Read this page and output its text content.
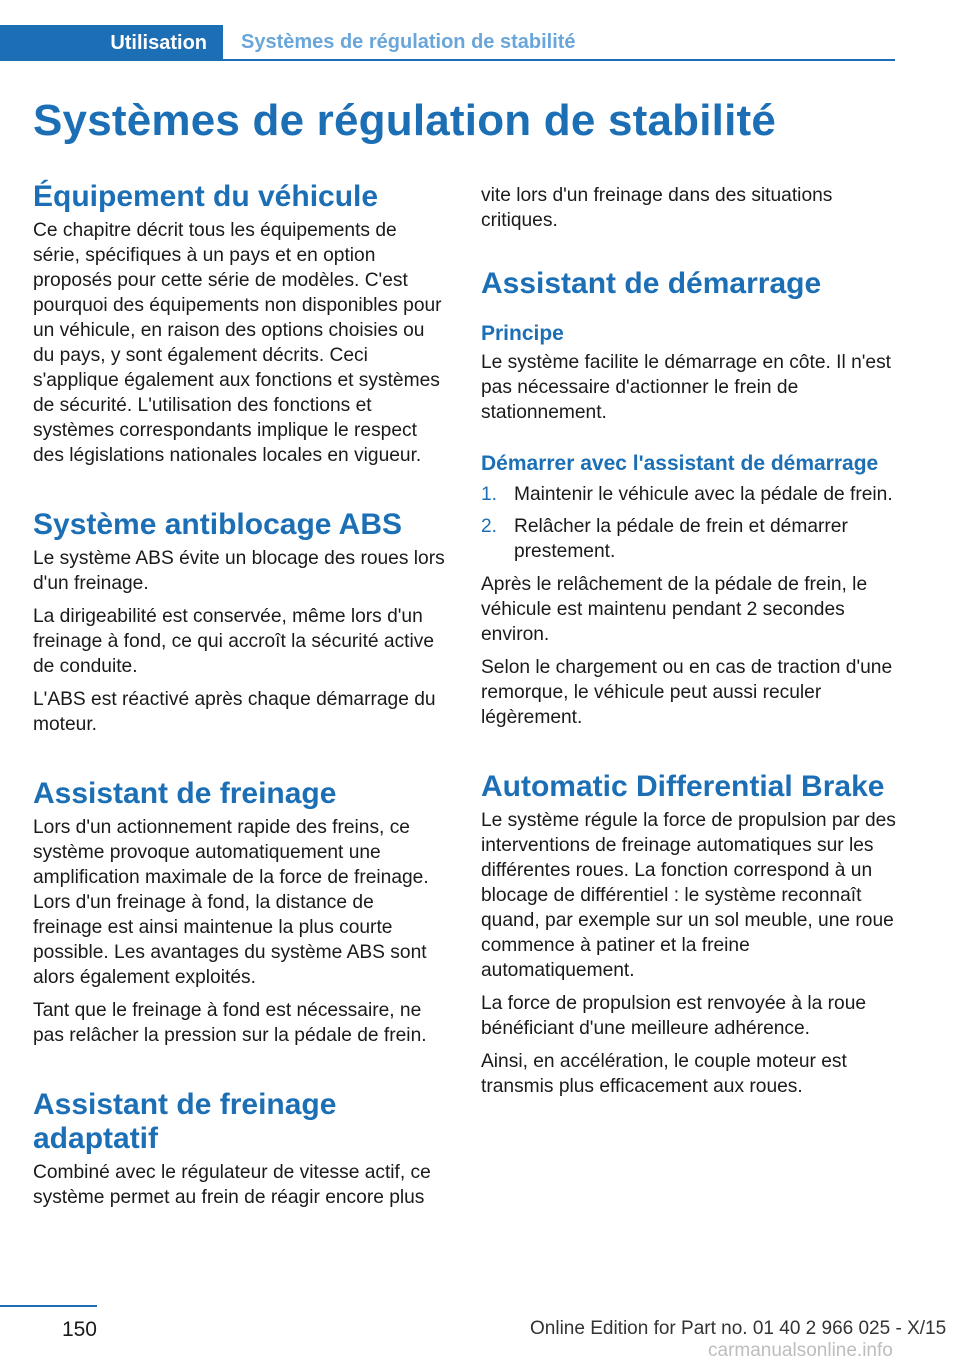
Utilisation	Systèmes de régulation de stabilité
Systèmes de régulation de stabilité
Équipement du véhicule

Ce chapitre décrit tous les équipements de série, spécifiques à un pays et en option proposés pour cette série de modèles. C'est pourquoi des équipements non disponibles pour un véhicule, en raison des options choisies ou du pays, y sont également décrits. Ceci s'applique également aux fonctions et systèmes de sécurité. L'utilisation des fonctions et systèmes correspondants implique le respect des législations nationales locales en vigueur.

Système antiblocage ABS

Le système ABS évite un blocage des roues lors d'un freinage.

La dirigeabilité est conservée, même lors d'un freinage à fond, ce qui accroît la sécurité active de conduite.

L'ABS est réactivé après chaque démarrage du moteur.

Assistant de freinage

Lors d'un actionnement rapide des freins, ce système provoque automatiquement une amplification maximale de la force de freinage. Lors d'un freinage à fond, la distance de freinage est ainsi maintenue la plus courte possible. Les avantages du système ABS sont alors également exploités.

Tant que le freinage à fond est nécessaire, ne pas relâcher la pression sur la pédale de frein.

Assistant de freinage adaptatif

Combiné avec le régulateur de vitesse actif, ce système permet au frein de réagir encore plus

vite lors d'un freinage dans des situations critiques.

Assistant de démarrage
Principe

Le système facilite le démarrage en côte. Il n'est pas nécessaire d'actionner le frein de stationnement.

Démarrer avec l'assistant de démarrage
1. Maintenir le véhicule avec la pédale de frein.
2. Relâcher la pédale de frein et démarrer prestement.

Après le relâchement de la pédale de frein, le véhicule est maintenu pendant 2 secondes environ.

Selon le chargement ou en cas de traction d'une remorque, le véhicule peut aussi reculer légèrement.

Automatic Differential Brake

Le système régule la force de propulsion par des interventions de freinage automatiques sur les différentes roues. La fonction correspond à un blocage de différentiel : le système reconnaît quand, par exemple sur un sol meuble, une roue commence à patiner et la freine automatiquement.

La force de propulsion est renvoyée à la roue bénéficiant d'une meilleure adhérence.

Ainsi, en accélération, le couple moteur est transmis plus efficacement aux roues.

150	Online Edition for Part no. 01 40 2 966 025 - X/15
carmanualsonline.info
